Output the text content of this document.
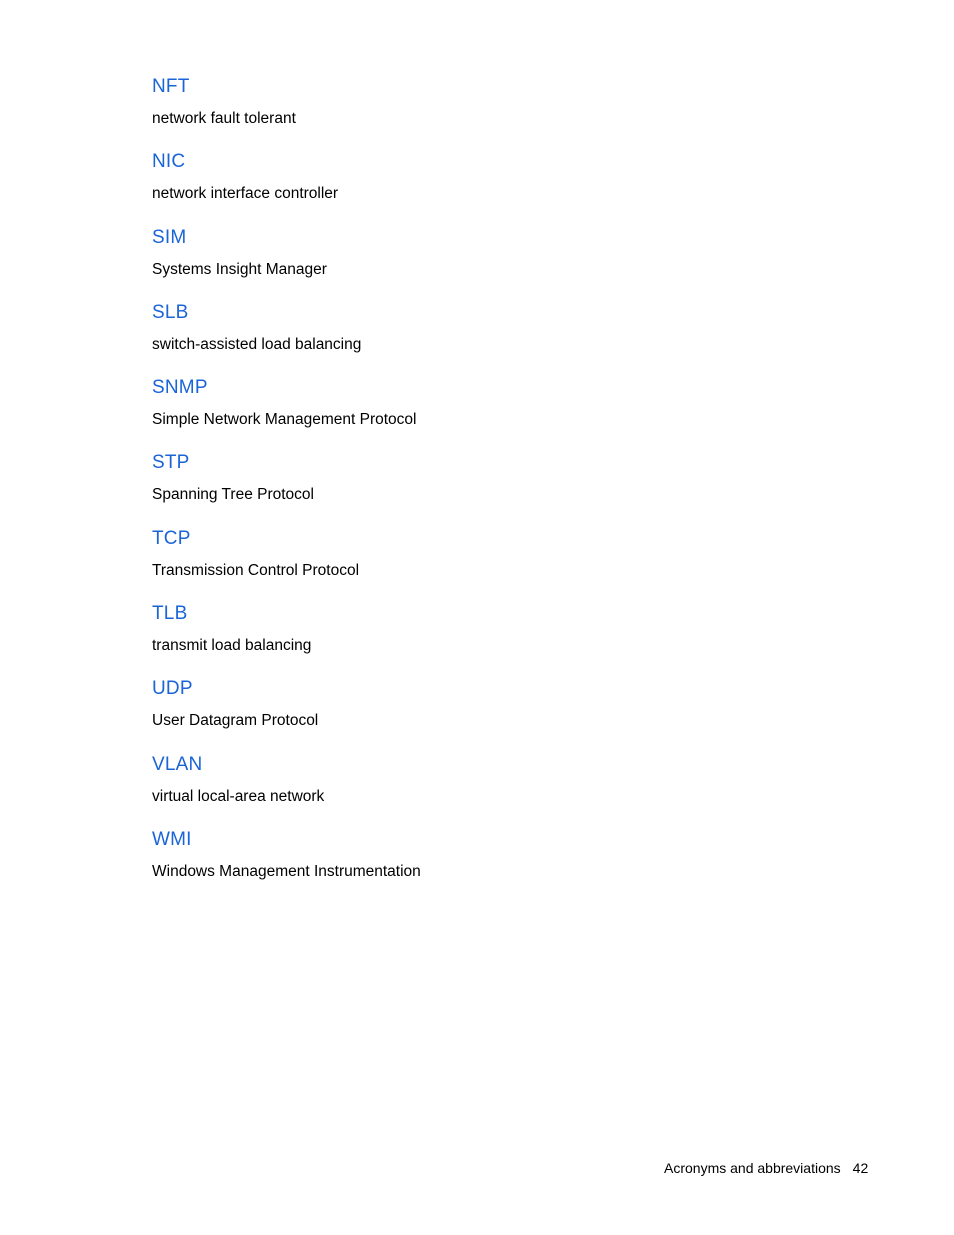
NFT
network fault tolerant
NIC
network interface controller
SIM
Systems Insight Manager
SLB
switch-assisted load balancing
SNMP
Simple Network Management Protocol
STP
Spanning Tree Protocol
TCP
Transmission Control Protocol
TLB
transmit load balancing
UDP
User Datagram Protocol
VLAN
virtual local-area network
WMI
Windows Management Instrumentation
Acronyms and abbreviations 42
